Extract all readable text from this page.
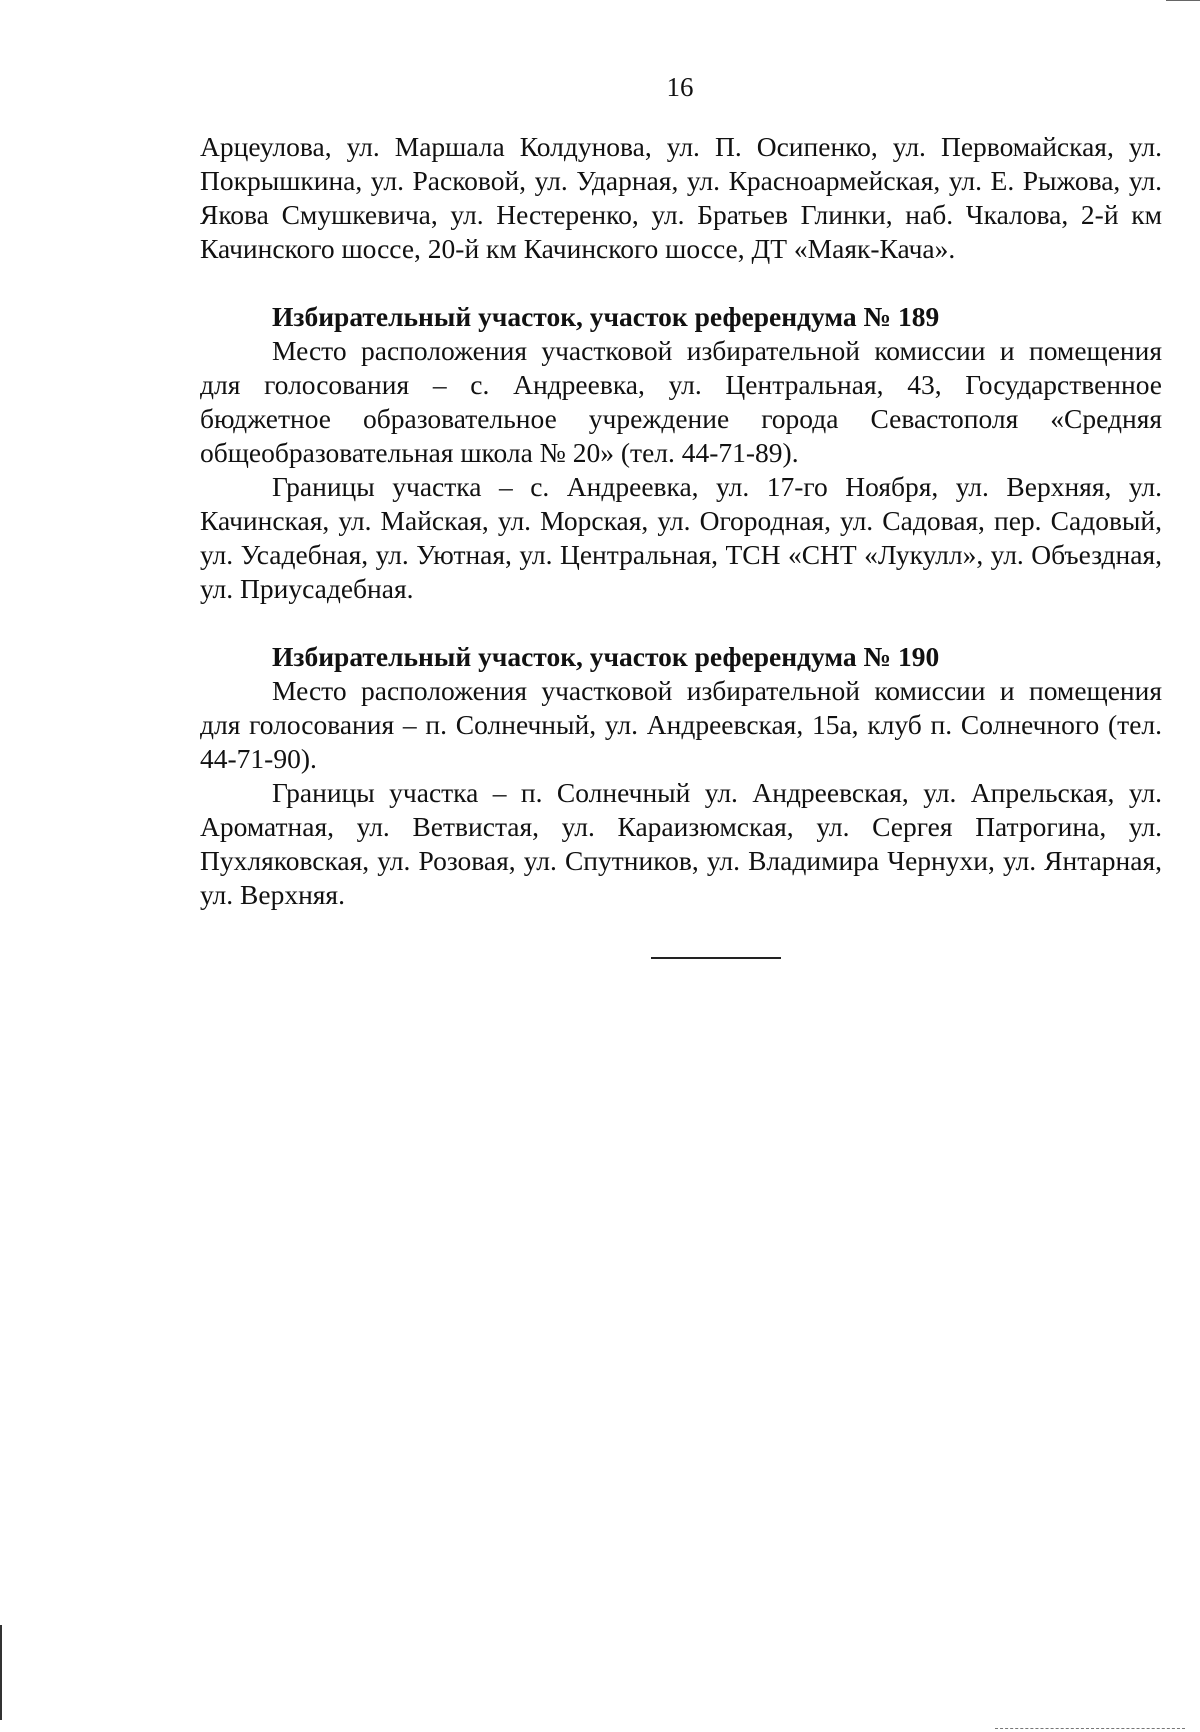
16

Арцеулова, ул. Маршала Колдунова, ул. П. Осипенко, ул. Первомайская, ул. Покрышкина, ул. Расковой, ул. Ударная, ул. Красноармейская, ул. Е. Рыжова, ул. Якова Смушкевича, ул. Нестеренко, ул. Братьев Глинки, наб. Чкалова, 2-й км Качинского шоссе, 20-й км Качинского шоссе, ДТ «Маяк-Кача».

Избирательный участок, участок референдума № 189

Место расположения участковой избирательной комиссии и помещения для голосования – с. Андреевка, ул. Центральная, 43, Государственное бюджетное образовательное учреждение города Севастополя «Средняя общеобразовательная школа № 20» (тел. 44-71-89).

Границы участка – с. Андреевка, ул. 17-го Ноября, ул. Верхняя, ул. Качинская, ул. Майская, ул. Морская, ул. Огородная, ул. Садовая, пер. Садовый, ул. Усадебная, ул. Уютная, ул. Центральная, ТСН «СНТ «Лукулл», ул. Объездная, ул. Приусадебная.

Избирательный участок, участок референдума № 190

Место расположения участковой избирательной комиссии и помещения для голосования – п. Солнечный, ул. Андреевская, 15а, клуб п. Солнечного (тел. 44-71-90).

Границы участка – п. Солнечный ул. Андреевская, ул. Апрельская, ул. Ароматная, ул. Ветвистая, ул. Караизюмская, ул. Сергея Патрогина, ул. Пухляковская, ул. Розовая, ул. Спутников, ул. Владимира Чернухи, ул. Янтарная, ул. Верхняя.
